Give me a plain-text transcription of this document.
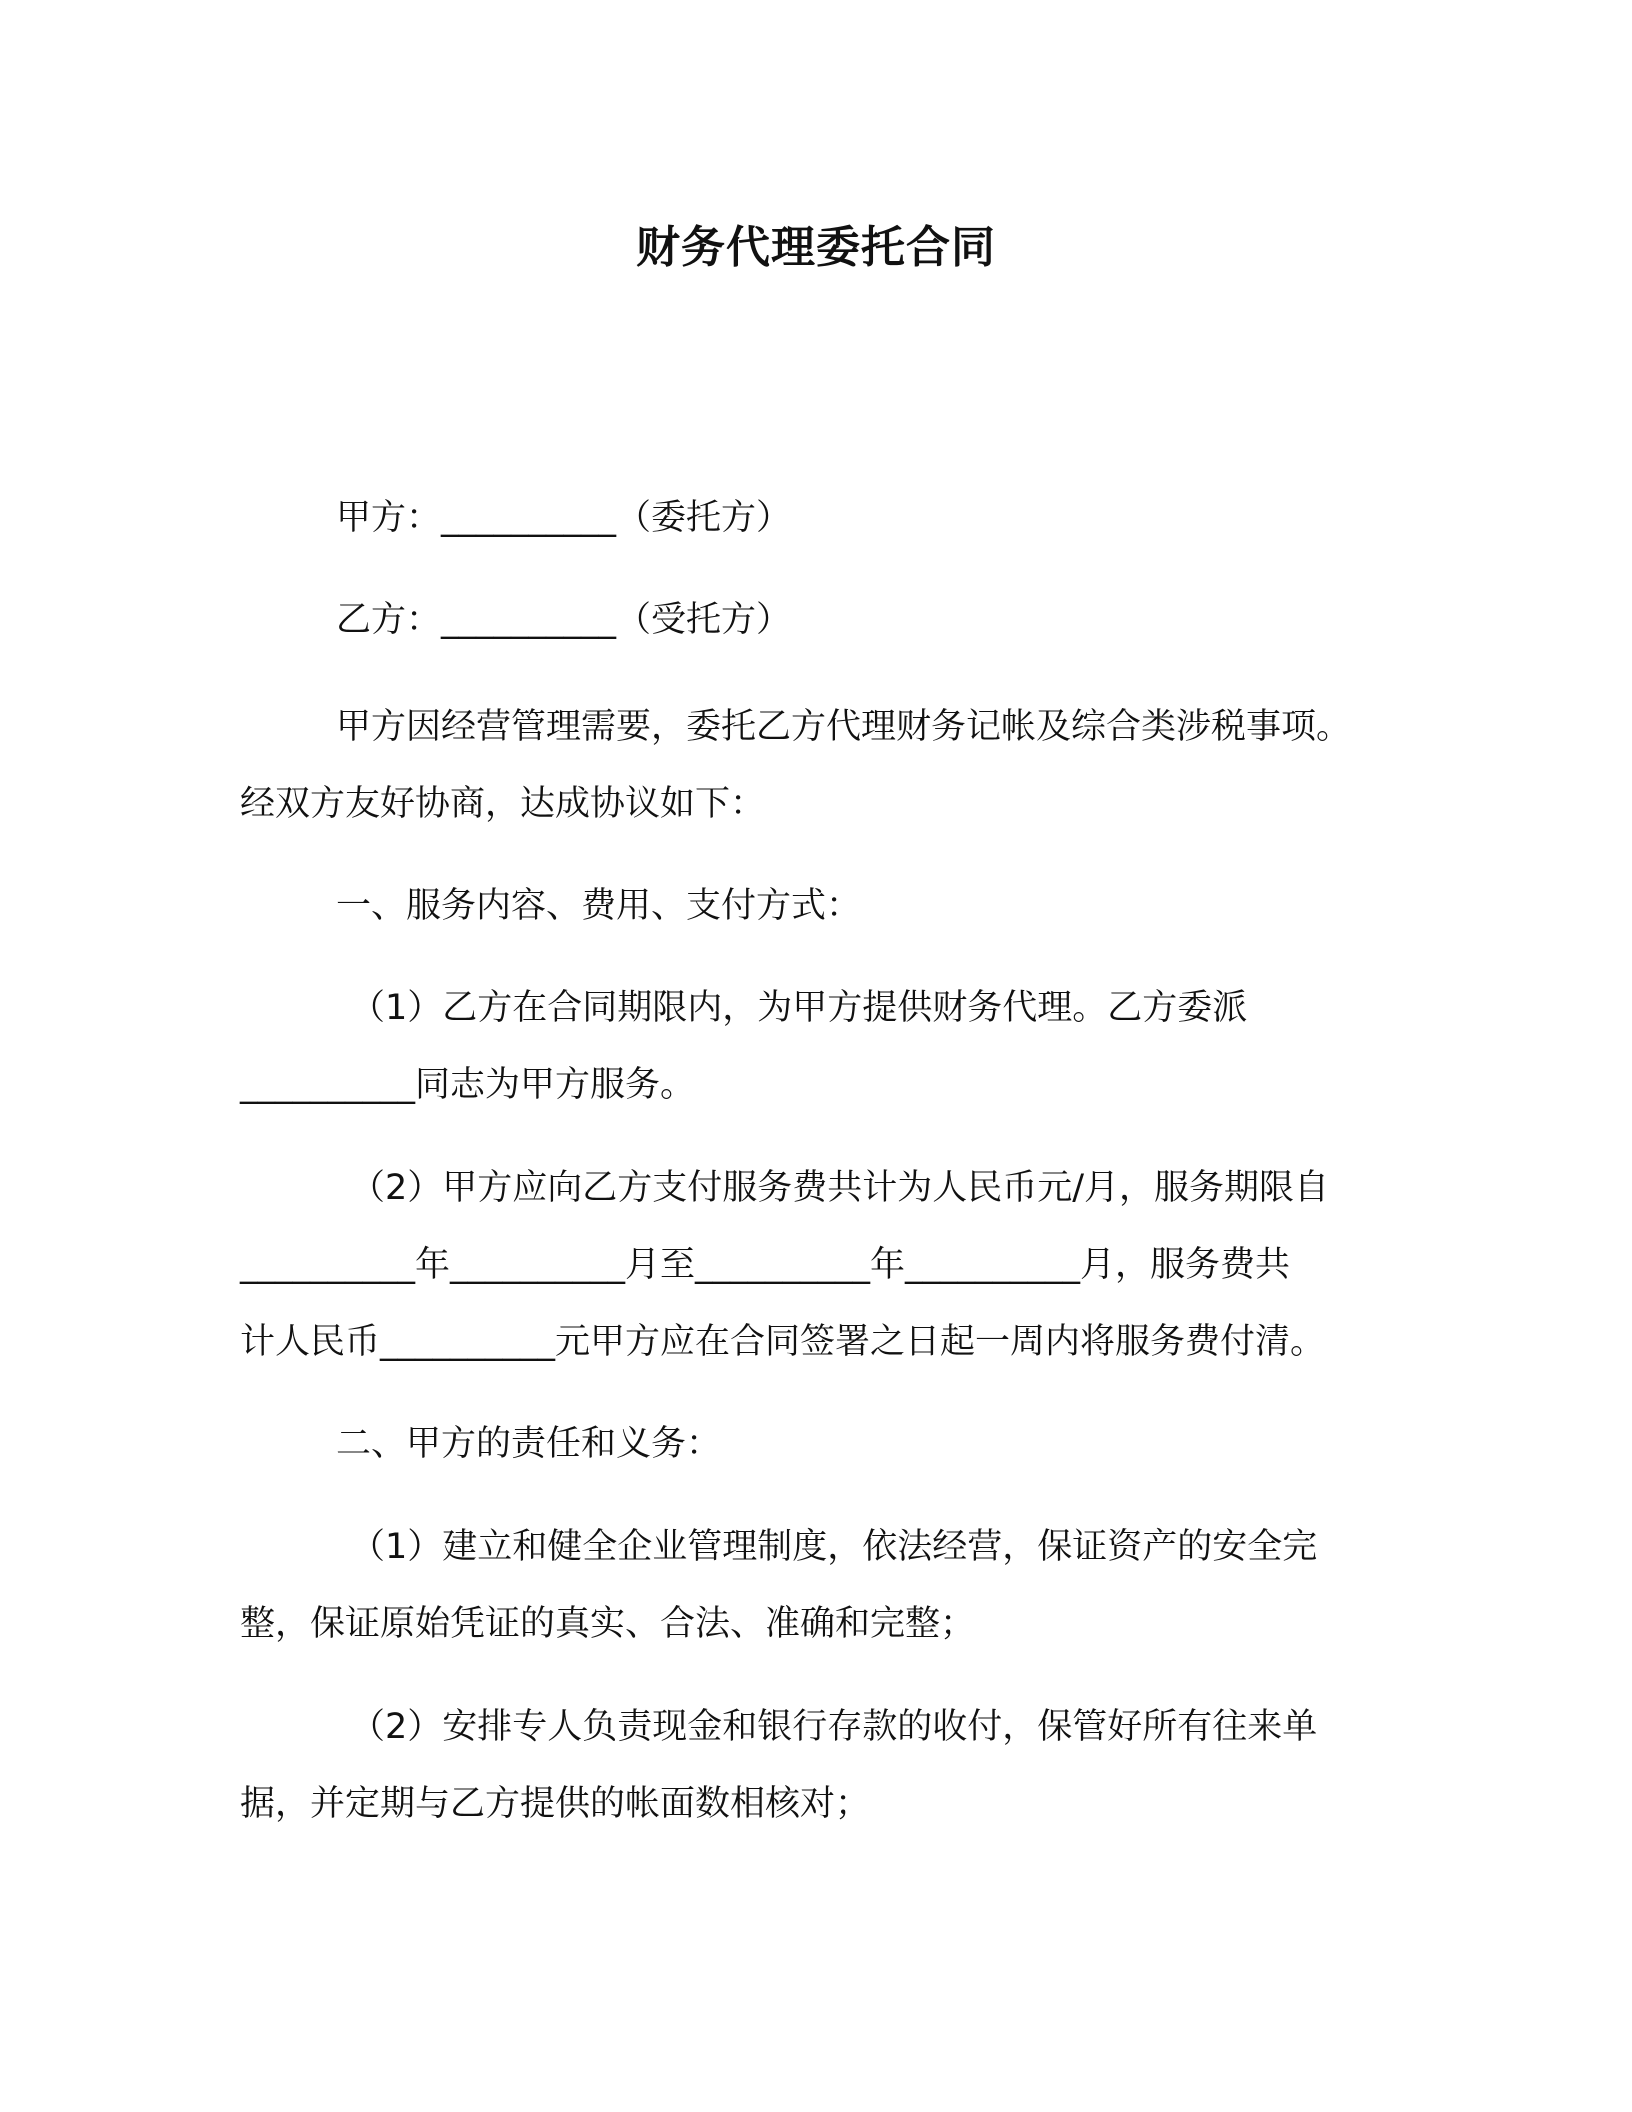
财务代理委托合同
甲方：__________（委托方）
乙方：__________（受托方）
甲方因经营管理需要，委托乙方代理财务记帐及综合类涉税事项。
经双方友好协商，达成协议如下：
一、服务内容、费用、支付方式：
（1）乙方在合同期限内，为甲方提供财务代理。乙方委派
__________同志为甲方服务。
（2）甲方应向乙方支付服务费共计为人民币元/月，服务期限自
__________年__________月至__________年__________月，服务费共
计人民币__________元甲方应在合同签署之日起一周内将服务费付清。
二、甲方的责任和义务：
（1）建立和健全企业管理制度，依法经营，保证资产的安全完
整，保证原始凭证的真实、合法、准确和完整；
（2）安排专人负责现金和银行存款的收付，保管好所有往来单
据，并定期与乙方提供的帐面数相核对；
